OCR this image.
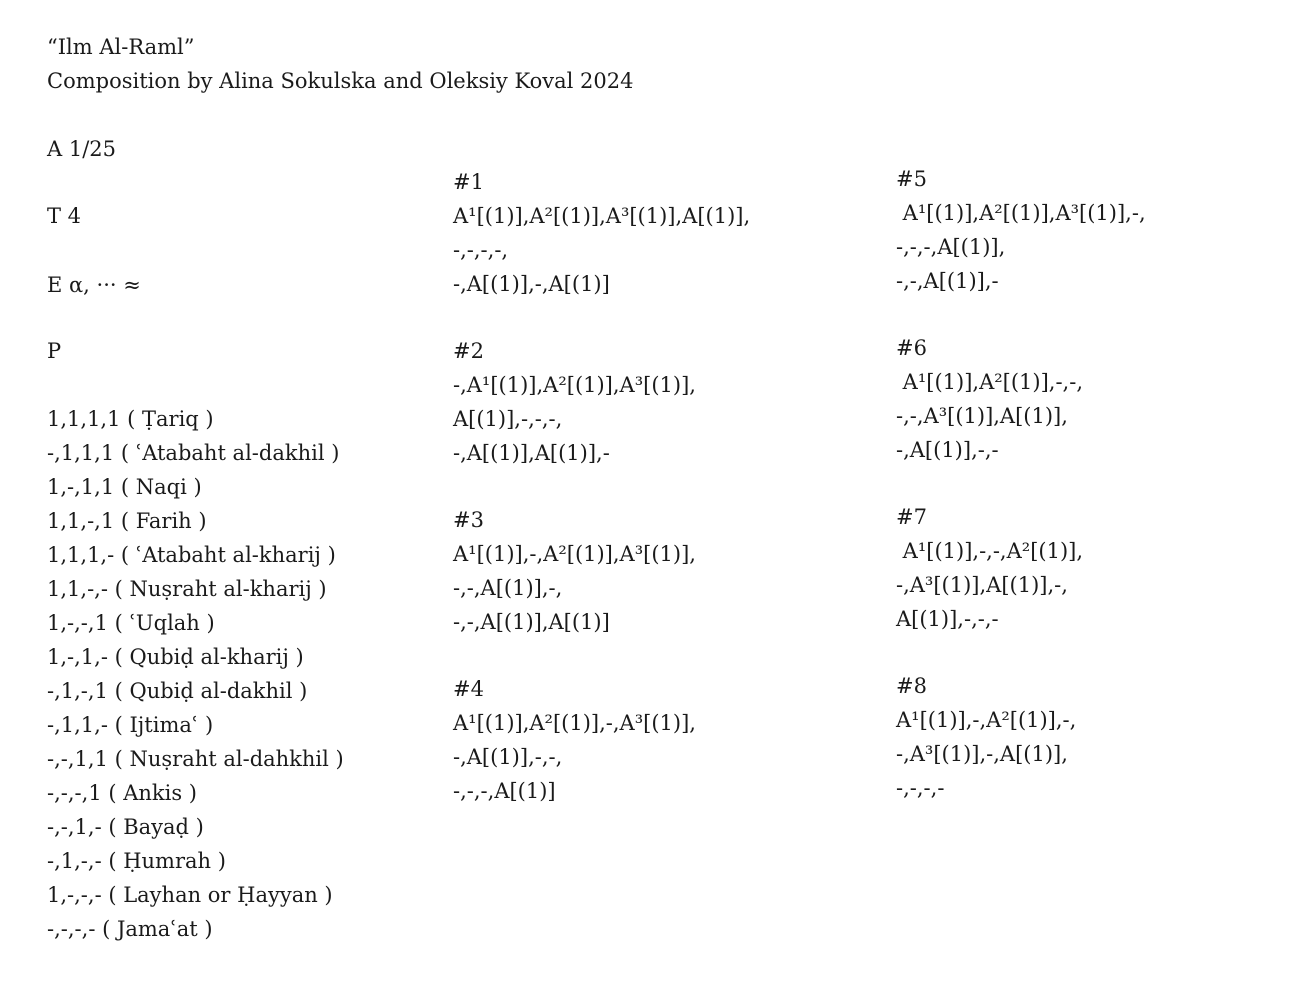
“Ilm Al-Raml”
Composition by Alina Sokulska and Oleksiy Koval 2024
A 1/25
T 4
E α, ··· ≈
P
1,1,1,1 ( Ṭariq )
-,1,1,1 ( ʿAtabaht al-dakhil )
1,-,1,1 ( Naqi )
1,1,-,1 ( Farih )
1,1,1,- ( ʿAtabaht al-kharij )
1,1,-,- ( Nuṣraht al-kharij )
1,-,-,1 ( ʿUqlah )
1,-,1,- ( Qubiḍ al-kharij )
-,1,-,1 ( Qubiḍ al-dakhil )
-,1,1,- ( Ijtimaʿ )
-,-,1,1 ( Nuṣraht al-dahkhil )
-,-,-,1 ( Ankis )
-,-,1,- ( Bayaḍ )
-,1,-,- ( Ḥumrah )
1,-,-,- ( Layhan or Ḥayyan )
-,-,-,- ( Jamaʿat )
#1
A¹[(1)],A²[(1)],A³[(1)],A[(1)],
-,-,-,-,
-,A[(1)],-,A[(1)]
#2
-,A¹[(1)],A²[(1)],A³[(1)],
A[(1)],-,-,-,
-,A[(1)],A[(1)],-
#3
A¹[(1)],-,A²[(1)],A³[(1)],
-,-,A[(1)],-,
-,-,A[(1)],A[(1)]
#4
A¹[(1)],A²[(1)],-,A³[(1)],
-,A[(1)],-,-,
-,-,-,A[(1)]
#5
A¹[(1)],A²[(1)],A³[(1)],-,
-,-,-,A[(1)],
-,-,A[(1)],-
#6
A¹[(1)],A²[(1)],-,-,
-,-,A³[(1)],A[(1)],
-,A[(1)],-,-
#7
A¹[(1)],-,-,A²[(1)],
-,A³[(1)],A[(1)],-,
A[(1)],-,-,-
#8
A¹[(1)],-,A²[(1)],-,
-,A³[(1)],-,A[(1)],
-,-,-,-
